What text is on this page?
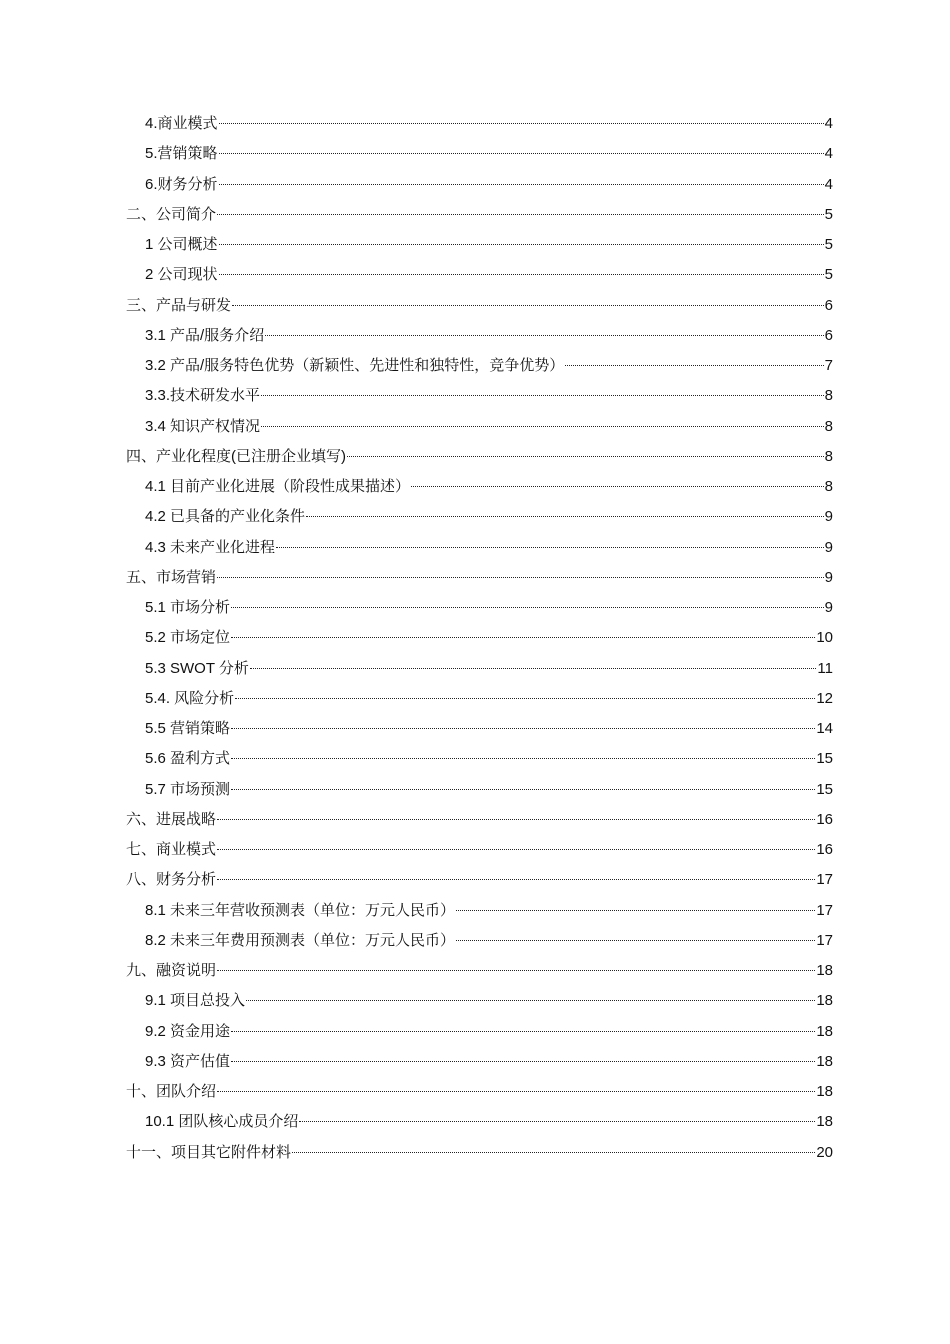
4.商业模式	4
5.营销策略	4
6.财务分析	4
二、公司简介	5
1 公司概述	5
2 公司现状	5
三、产品与研发	6
3.1 产品/服务介绍	6
3.2 产品/服务特色优势（新颖性、先进性和独特性，竞争优势）	7
3.3.技术研发水平	8
3.4 知识产权情况	8
四、产业化程度(已注册企业填写)	8
4.1 目前产业化进展（阶段性成果描述）	8
4.2 已具备的产业化条件	9
4.3 未来产业化进程	9
五、市场营销	9
5.1 市场分析	9
5.2 市场定位	10
5.3 SWOT 分析	11
5.4. 风险分析	12
5.5 营销策略	14
5.6 盈利方式	15
5.7 市场预测	15
六、进展战略	16
七、商业模式	16
八、财务分析	17
8.1 未来三年营收预测表（单位：万元人民币）	17
8.2 未来三年费用预测表（单位：万元人民币）	17
九、融资说明	18
9.1 项目总投入	18
9.2 资金用途	18
9.3 资产估值	18
十、团队介绍	18
10.1 团队核心成员介绍	18
十一、项目其它附件材料	20
